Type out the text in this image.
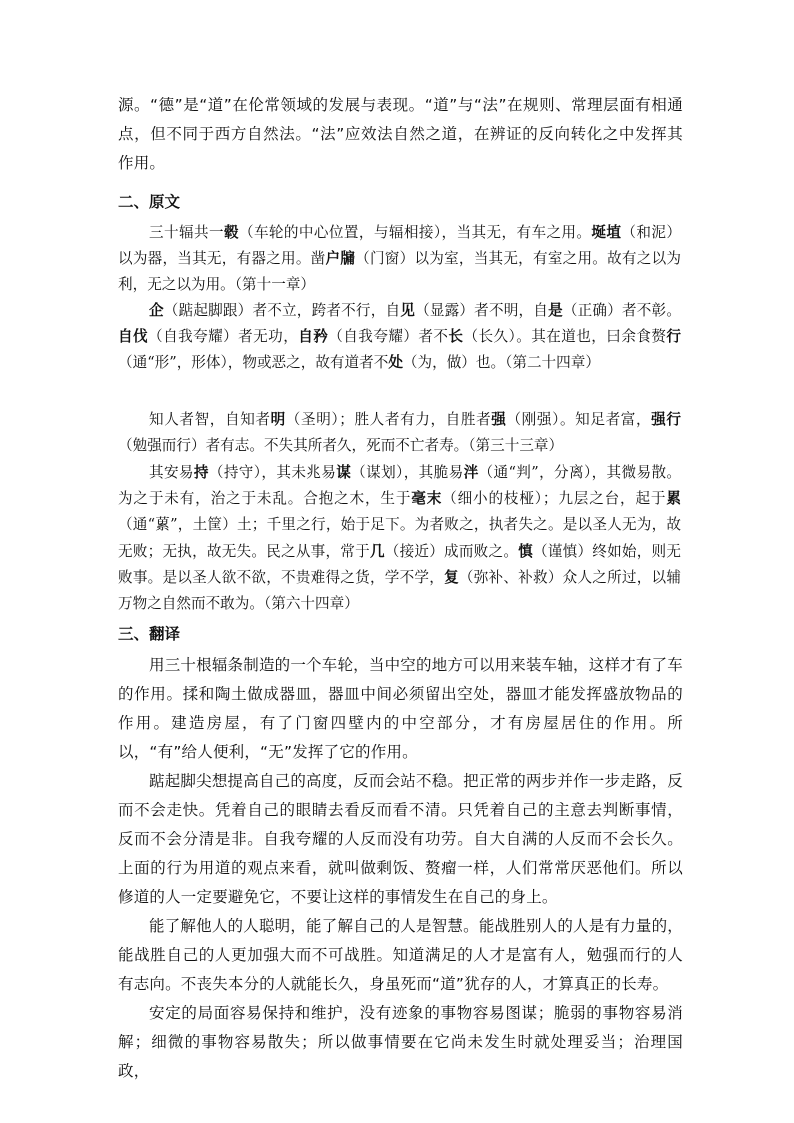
源。“德”是“道”在伦常领域的发展与表现。“道”与“法”在规则、常理层面有相通点，但不同于西方自然法。“法”应效法自然之道，在辨证的反向转化之中发挥其作用。

二、原文

三十辐共一毂（车轮的中心位置，与辐相接），当其无，有车之用。埏埴（和泥）以为器，当其无，有器之用。凿户牖（门窗）以为室，当其无，有室之用。故有之以为利，无之以为用。（第十一章）

企（踮起脚跟）者不立，跨者不行，自见（显露）者不明，自是（正确）者不彰。自伐（自我夸耀）者无功，自矜（自我夸耀）者不长（长久）。其在道也，曰余食赘行（通“形”，形体），物或恶之，故有道者不处（为，做）也。（第二十四章）

知人者智，自知者明（圣明）；胜人者有力，自胜者强（刚强）。知足者富，强行（勉强而行）者有志。不失其所者久，死而不亡者寿。（第三十三章）

其安易持（持守），其未兆易谋（谋划），其脆易泮（通“判”，分离），其微易散。为之于未有，治之于未乱。合抱之木，生于毫末（细小的枝桠）；九层之台，起于累（通“蔂”，土筐）土；千里之行，始于足下。为者败之，执者失之。是以圣人无为，故无败；无执，故无失。民之从事，常于几（接近）成而败之。慎（谨慎）终如始，则无败事。是以圣人欲不欲，不贵难得之货，学不学，复（弥补、补救）众人之所过，以辅万物之自然而不敢为。（第六十四章）

三、翻译

用三十根辐条制造的一个车轮，当中空的地方可以用来装车轴，这样才有了车的作用。揉和陶土做成器皿，器皿中间必须留出空处，器皿才能发挥盛放物品的作用。建造房屋，有了门窗四壁内的中空部分，才有房屋居住的作用。所以，“有”给人便利，“无”发挥了它的作用。

踮起脚尖想提高自己的高度，反而会站不稳。把正常的两步并作一步走路，反而不会走快。凭着自己的眼睛去看反而看不清。只凭着自己的主意去判断事情，反而不会分清是非。自我夸耀的人反而没有功劳。自大自满的人反而不会长久。上面的行为用道的观点来看，就叫做剩饭、赘瘤一样，人们常常厌恶他们。所以修道的人一定要避免它，不要让这样的事情发生在自己的身上。

能了解他人的人聪明，能了解自己的人是智慧。能战胜别人的人是有力量的，能战胜自己的人更加强大而不可战胜。知道满足的人才是富有人，勉强而行的人有志向。不丧失本分的人就能长久，身虽死而“道”犹存的人，才算真正的长寿。

安定的局面容易保持和维护，没有迹象的事物容易图谋；脆弱的事物容易消解；细微的事物容易散失；所以做事情要在它尚未发生时就处理妥当；治理国政，
